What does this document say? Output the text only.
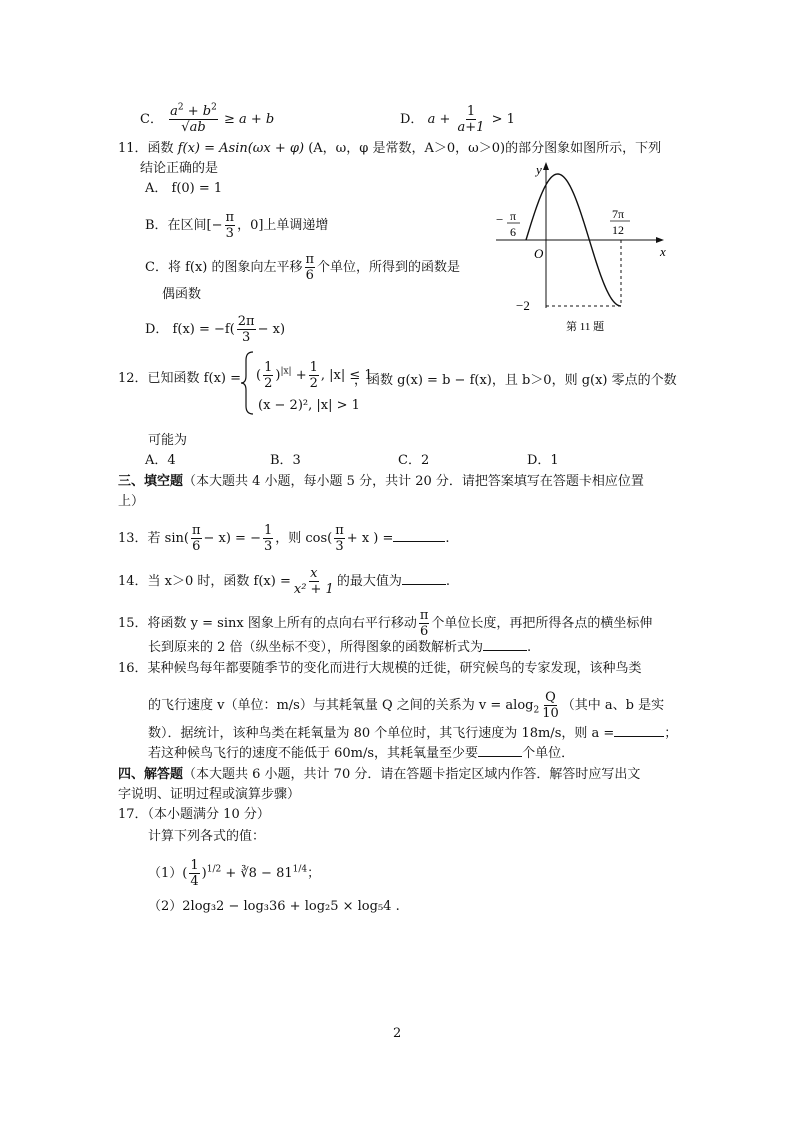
C． $\frac{a^2 + b^2}{√ab} \ge a + b$	D． $a + \frac{1}{a+1} > 1$
11．函数 f(x) = Asin(ωx + φ) (A，ω，φ 是常数，A＞0，ω＞0)的部分图象如图所示，下列
结论正确的是
A． f(0) = 1
B．在区间[− $\frac{\pi}{3}$ ，0]上单调递增
C．将 f(x) 的图象向左平移 $\frac{\pi}{6}$ 个单位，所得到的函数是
偶函数
D． $f(x) = -f( \frac{2\pi}{3} - x)$
y
x
O
− π
6
7π
12
−2
第 11 题
12．已知函数 f(x) = ( $\frac{1}{2} )^{|x|} + \frac{1}{2}$ , |x| ≤ 1
(x − 2)², |x| > 1
，函数 g(x) = b − f(x)，且 b＞0，则 g(x) 零点的个数
可能为
A．4	B．3	C．2	D．1
三、填空题（本大题共 4 小题，每小题 5 分，共计 20 分．请把答案填写在答题卡相应位置
上）
13．若 $\sin( \frac{\pi}{6} - x)$ = − $\frac{1}{3}$ ，则 $\cos( \frac{\pi}{3} + x$ ) =	.
14．当 x＞0 时，函数 $f(x) = \frac{x}{\text{x² + 1}}$ 的最大值为	.
15．将函数 y = sinx 图象上所有的点向右平行移动 $\frac{\pi}{6}$ 个单位长度，再把所得各点的横坐标伸
长到原来的 2 倍（纵坐标不变），所得图象的函数解析式为	.
16．某种候鸟每年都要随季节的变化而进行大规模的迁徙，研究候鸟的专家发现，该种鸟类
的飞行速度 v（单位：m/s）与其耗氧量 Q 之间的关系为 $v = alog_2 \frac{Q}{10}$ （其中 a、b 是实
数）．据统计，该种鸟类在耗氧量为 80 个单位时，其飞行速度为 18m/s，则 a =	；
若这种候鸟飞行的速度不能低于 60m/s，其耗氧量至少要	个单位．
四、解答题（本大题共 6 小题，共计 70 分．请在答题卡指定区域内作答．解答时应写出文
字说明、证明过程或演算步骤）
17．（本小题满分 10 分）
计算下列各式的值：
$(1)( \frac{1}{4} )^{1/2}$ + ∛8 − $81^{1/4}$；
（2）2log₃2 − log₃36 + log₂5 × log₅4 .
2
